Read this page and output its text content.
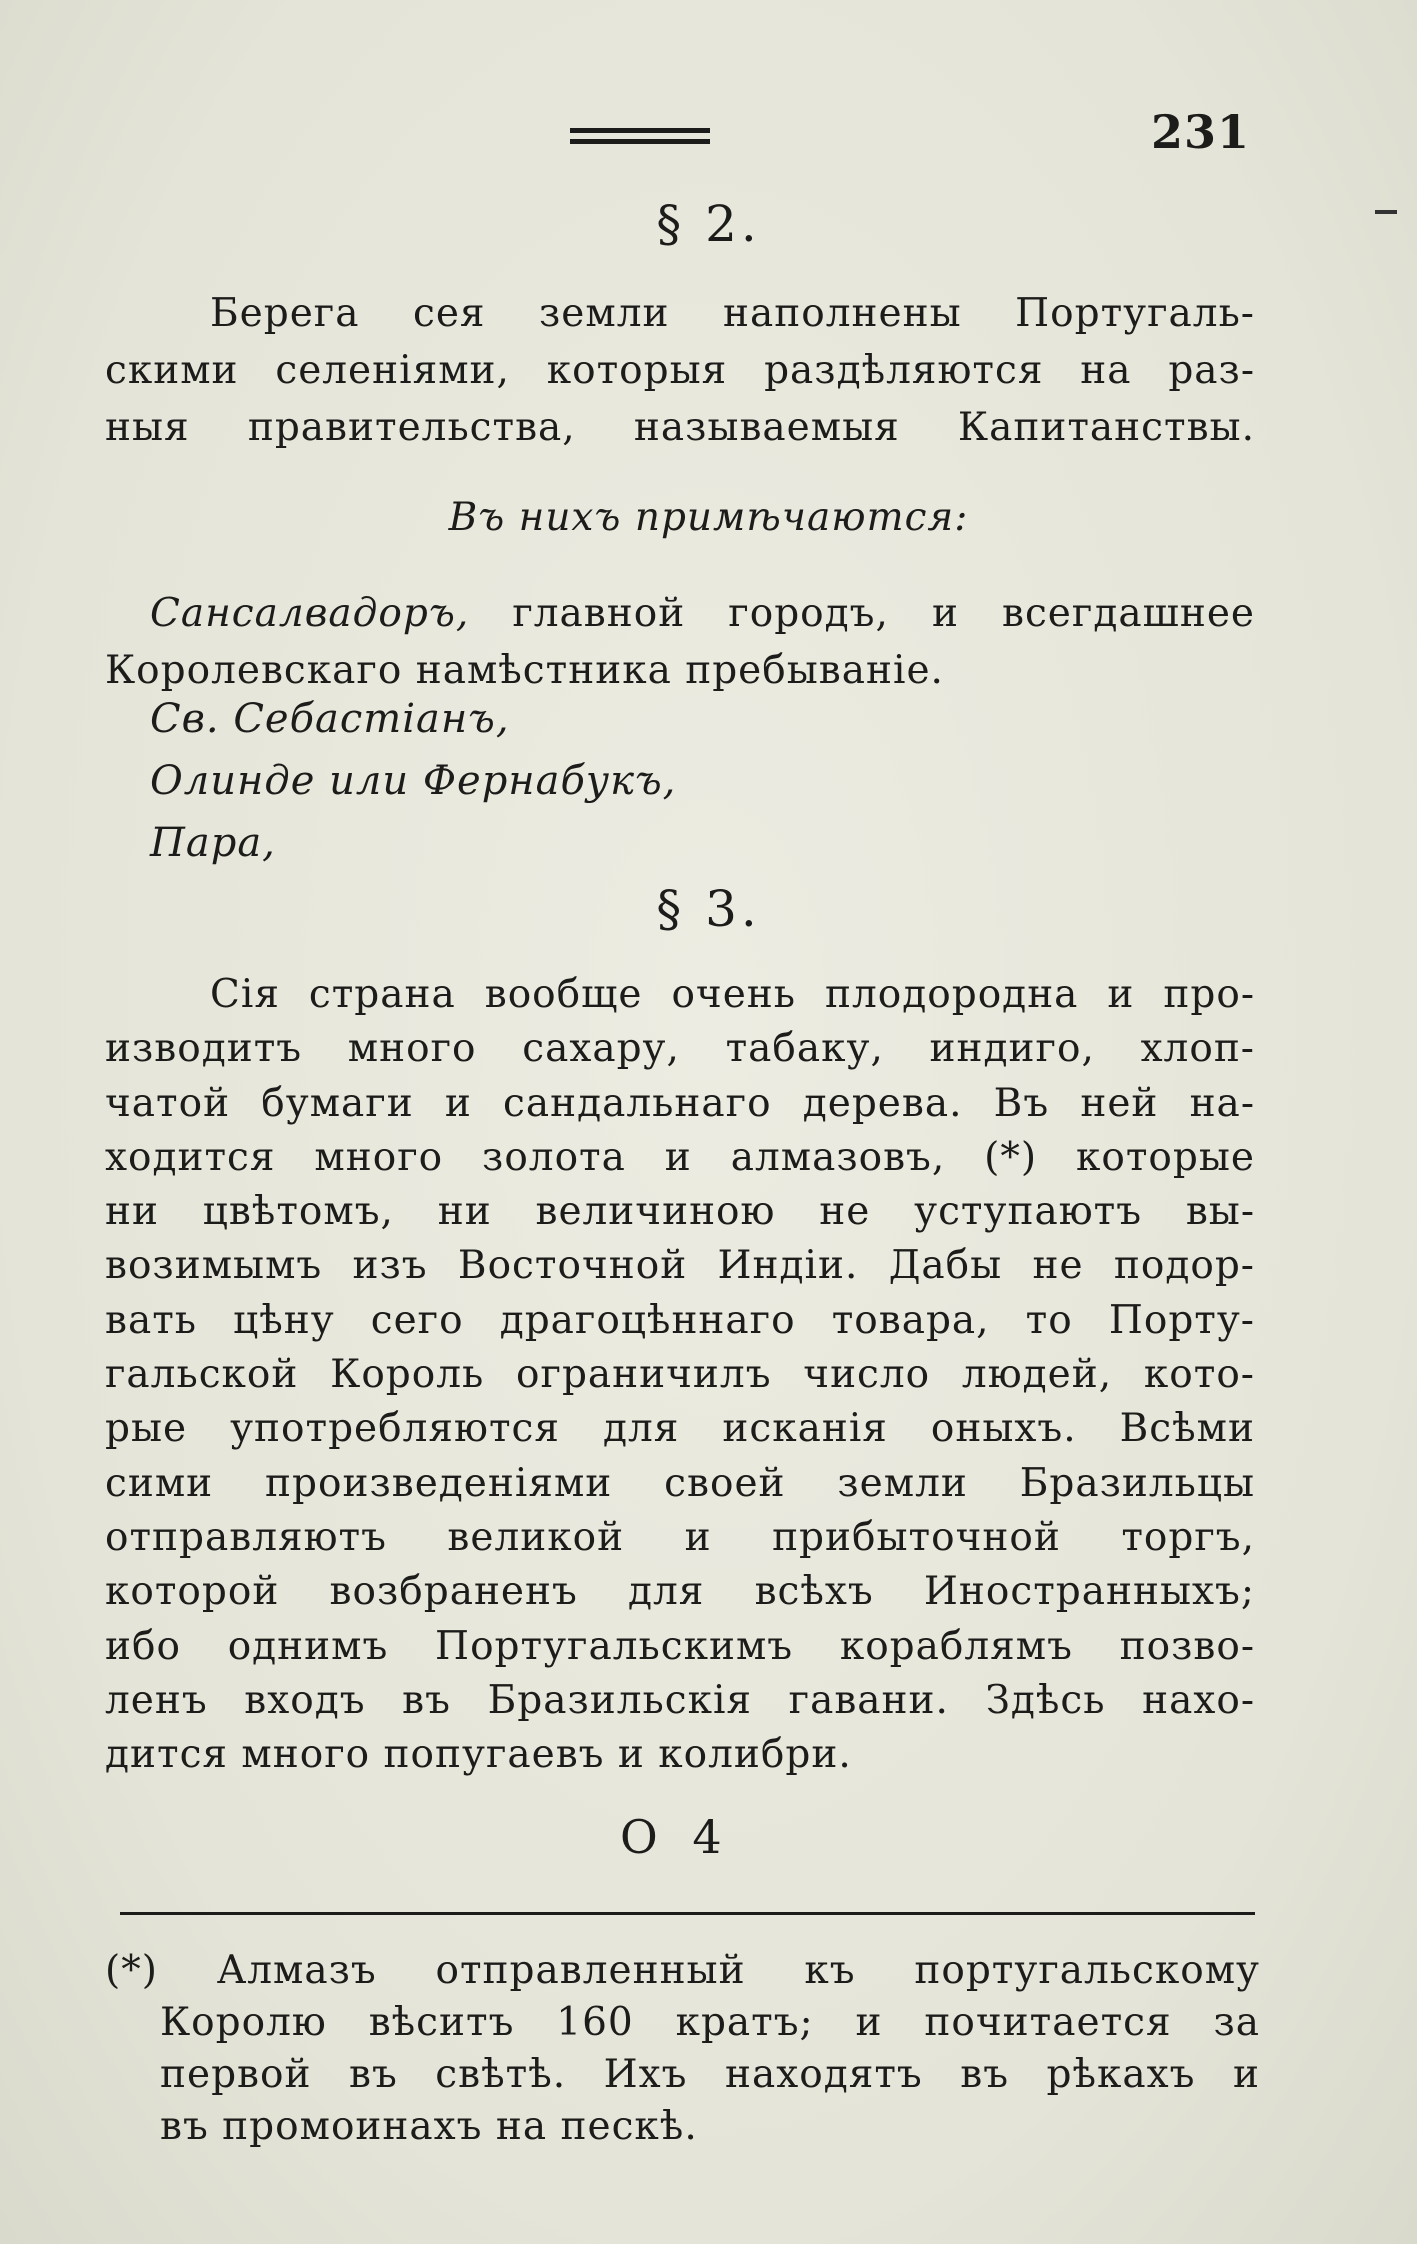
231
§ 2.
Берега сея земли наполнены Португаль-
скими селеніями, которыя раздѣляются на раз-
ныя правительства, называемыя Капитанствы.
Въ нихъ примѣчаются:
Сансалвадоръ, главной городъ, и всегдашнее
Королевскаго намѣстника пребываніе.
Св. Себастіанъ,
Олинде или Фернабукъ,
Пара,
§ 3.
Сія страна вообще очень плодородна и про-
изводитъ много сахару, табаку, индиго, хлоп-
чатой бумаги и сандальнаго дерева. Въ ней на-
ходится много золота и алмазовъ, (*) которые
ни цвѣтомъ, ни величиною не уступаютъ вы-
возимымъ изъ Восточной Индіи. Дабы не подор-
вать цѣну сего драгоцѣннаго товара, то Порту-
гальской Король ограничилъ число людей, кото-
рые употребляются для исканія оныхъ. Всѣми
сими произведеніями своей земли Бразильцы
отправляютъ великой и прибыточной торгъ,
которой возбраненъ для всѣхъ Иностранныхъ;
ибо однимъ Португальскимъ кораблямъ позво-
ленъ входъ въ Бразильскія гавани. Здѣсь нахо-
дится много попугаевъ и колибри.
О 4
(*) Алмазъ отправленный къ португальскому
Королю вѣситъ 160 кратъ; и почитается за
первой въ свѣтѣ. Ихъ находятъ въ рѣкахъ и
въ промоинахъ на пескѣ.
